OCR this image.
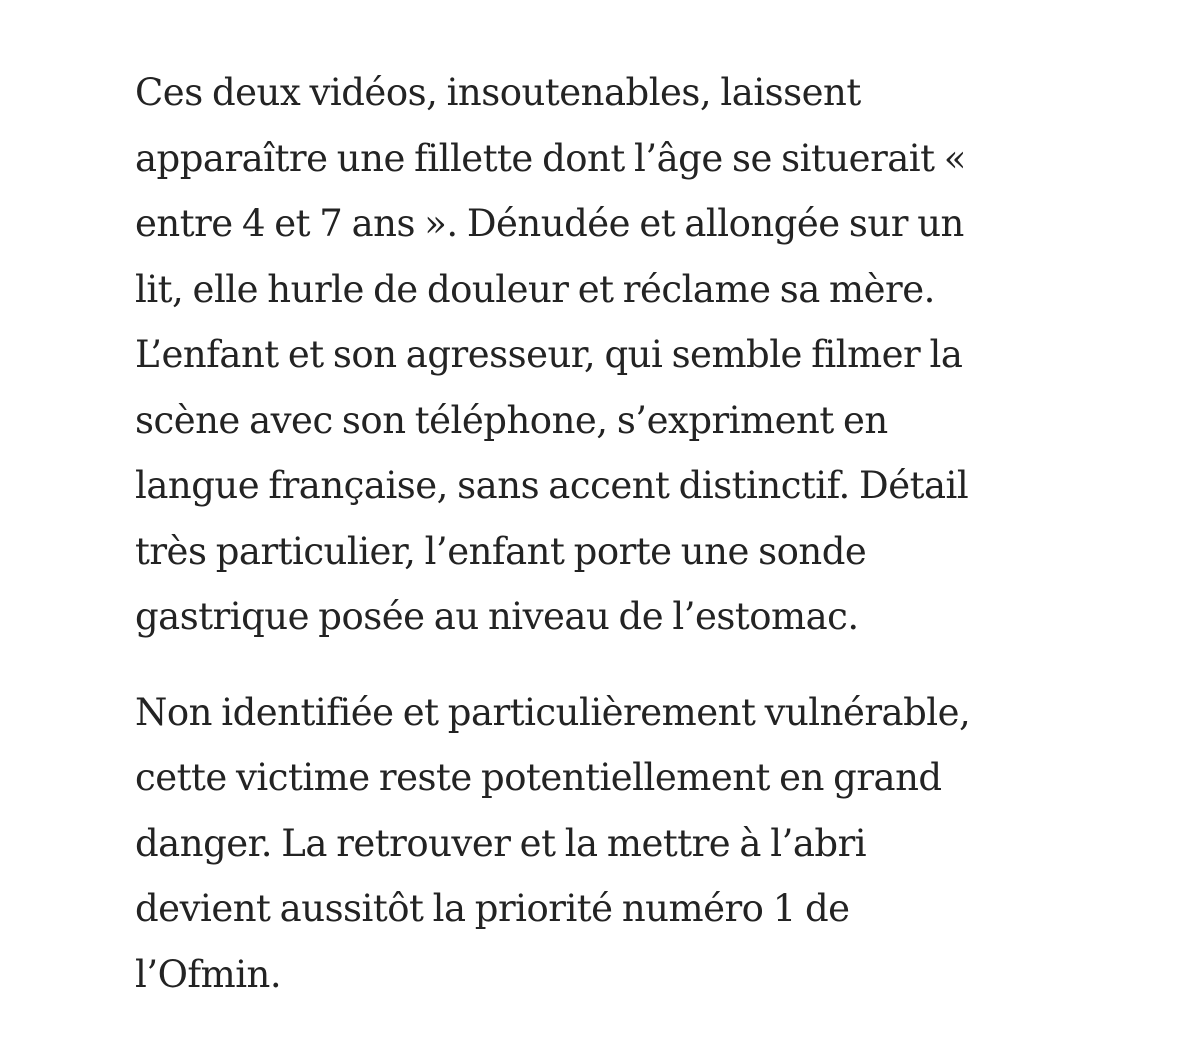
Ces deux vidéos, insoutenables, laissent
apparaître une fillette dont l’âge se situerait «
entre 4 et 7 ans ». Dénudée et allongée sur un
lit, elle hurle de douleur et réclame sa mère.
L’enfant et son agresseur, qui semble filmer la
scène avec son téléphone, s’expriment en
langue française, sans accent distinctif. Détail
très particulier, l’enfant porte une sonde
gastrique posée au niveau de l’estomac.

Non identifiée et particulièrement vulnérable,
cette victime reste potentiellement en grand
danger. La retrouver et la mettre à l’abri
devient aussitôt la priorité numéro 1 de
l’Ofmin.
